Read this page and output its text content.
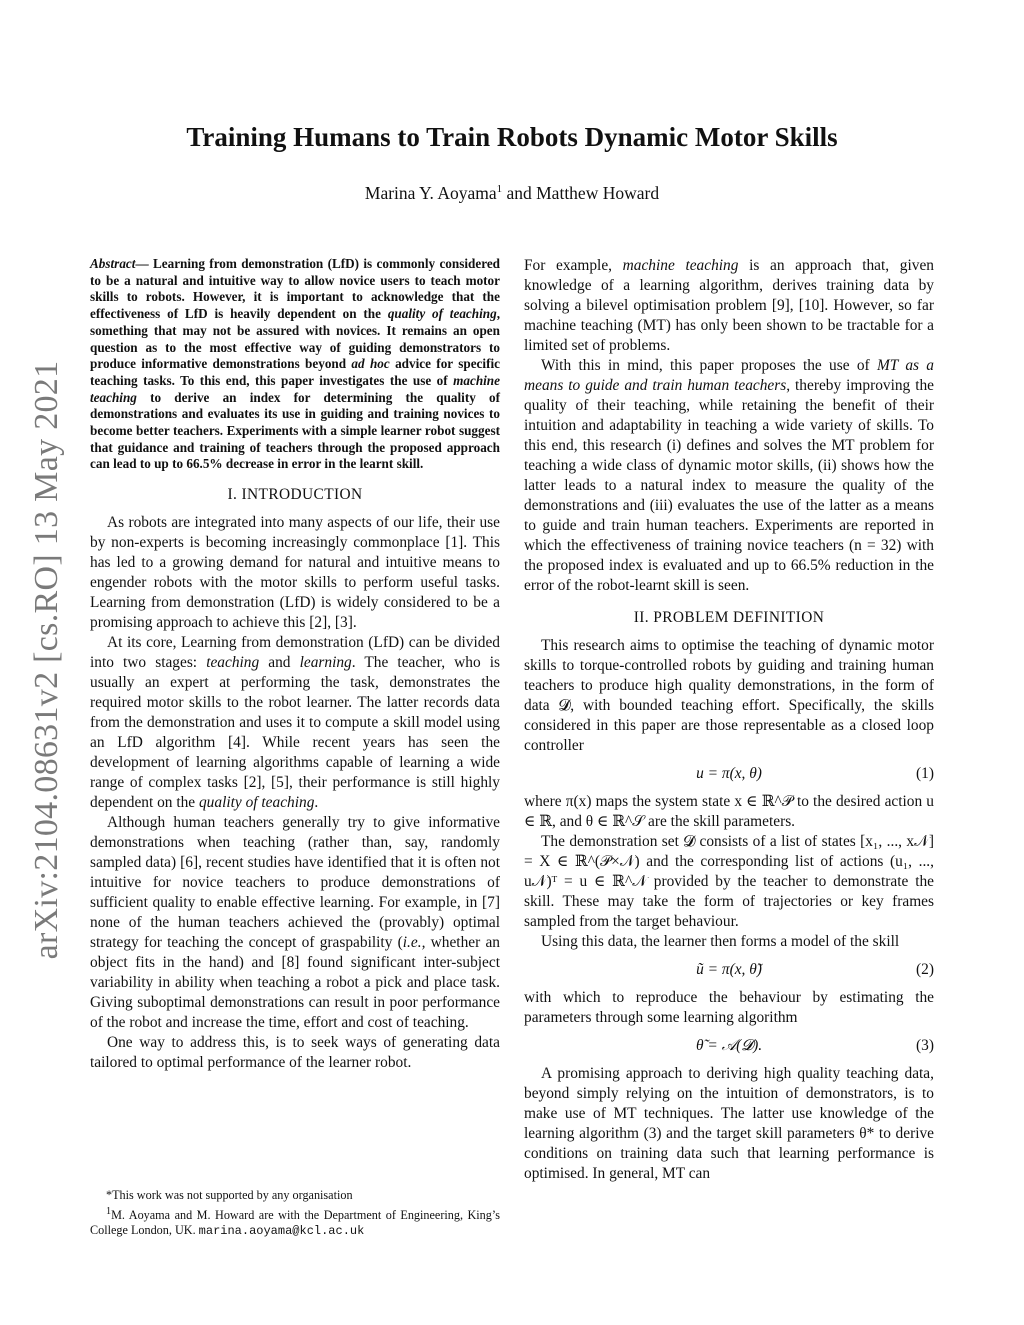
arXiv:2104.08631v2 [cs.RO] 13 May 2021
Training Humans to Train Robots Dynamic Motor Skills
Marina Y. Aoyama$^1$ and Matthew Howard
Abstract— Learning from demonstration (LfD) is commonly considered to be a natural and intuitive way to allow novice users to teach motor skills to robots. However, it is important to acknowledge that the effectiveness of LfD is heavily dependent on the quality of teaching, something that may not be assured with novices. It remains an open question as to the most effective way of guiding demonstrators to produce informative demonstrations beyond ad hoc advice for specific teaching tasks. To this end, this paper investigates the use of machine teaching to derive an index for determining the quality of demonstrations and evaluates its use in guiding and training novices to become better teachers. Experiments with a simple learner robot suggest that guidance and training of teachers through the proposed approach can lead to up to 66.5% decrease in error in the learnt skill.
I. INTRODUCTION

As robots are integrated into many aspects of our life, their use by non-experts is becoming increasingly commonplace [1]. This has led to a growing demand for natural and intuitive means to engender robots with the motor skills to perform useful tasks. Learning from demonstration (LfD) is widely considered to be a promising approach to achieve this [2], [3].

At its core, Learning from demonstration (LfD) can be divided into two stages: teaching and learning. The teacher, who is usually an expert at performing the task, demonstrates the required motor skills to the robot learner. The latter records data from the demonstration and uses it to compute a skill model using an LfD algorithm [4]. While recent years has seen the development of learning algorithms capable of learning a wide range of complex tasks [2], [5], their performance is still highly dependent on the quality of teaching.

Although human teachers generally try to give informative demonstrations when teaching (rather than, say, randomly sampled data) [6], recent studies have identified that it is often not intuitive for novice teachers to produce demonstrations of sufficient quality to enable effective learning. For example, in [7] none of the human teachers achieved the (provably) optimal strategy for teaching the concept of graspability (i.e., whether an object fits in the hand) and [8] found significant inter-subject variability in ability when teaching a robot a pick and place task. Giving suboptimal demonstrations can result in poor performance of the robot and increase the time, effort and cost of teaching.

One way to address this, is to seek ways of generating data tailored to optimal performance of the learner robot.

*This work was not supported by any organisation

$^1$M. Aoyama and M. Howard are with the Department of Engineering, King’s College London, UK. marina.aoyama@kcl.ac.uk

For example, machine teaching is an approach that, given knowledge of a learning algorithm, derives training data by solving a bilevel optimisation problem [9], [10]. However, so far machine teaching (MT) has only been shown to be tractable for a limited set of problems.

With this in mind, this paper proposes the use of MT as a means to guide and train human teachers, thereby improving the quality of their teaching, while retaining the benefit of their intuition and adaptability in teaching a wide variety of skills. To this end, this research (i) defines and solves the MT problem for teaching a wide class of dynamic motor skills, (ii) shows how the latter leads to a natural index to measure the quality of the demonstrations and (iii) evaluates the use of the latter as a means to guide and train human teachers. Experiments are reported in which the effectiveness of training novice teachers (n = 32) with the proposed index is evaluated and up to 66.5% reduction in the error of the robot-learnt skill is seen.

II. PROBLEM DEFINITION

This research aims to optimise the teaching of dynamic motor skills to torque-controlled robots by guiding and training human teachers to produce high quality demonstrations, in the form of data 𝓓, with bounded teaching effort. Specifically, the skills considered in this paper are those representable as a closed loop controller

u = π(x, θ)	(1)

where π(x) maps the system state x ∈ ℝ^𝒫 to the desired action u ∈ ℝ, and θ ∈ ℝ^𝒮 are the skill parameters.

The demonstration set 𝓓 consists of a list of states [x₁, ..., x𝒩] = X ∈ ℝ^(𝒫×𝒩) and the corresponding list of actions (u₁, ..., u𝒩)ᵀ = u ∈ ℝ^𝒩 provided by the teacher to demonstrate the skill. These may take the form of trajectories or key frames sampled from the target behaviour.

Using this data, the learner then forms a model of the skill

ũ = π(x, θ̃)	(2)

with which to reproduce the behaviour by estimating the parameters through some learning algorithm

θ̃ = 𝒜(𝓓).	(3)

A promising approach to deriving high quality teaching data, beyond simply relying on the intuition of demonstrators, is to make use of MT techniques. The latter use knowledge of the learning algorithm (3) and the target skill parameters θ* to derive conditions on training data such that learning performance is optimised. In general, MT can
